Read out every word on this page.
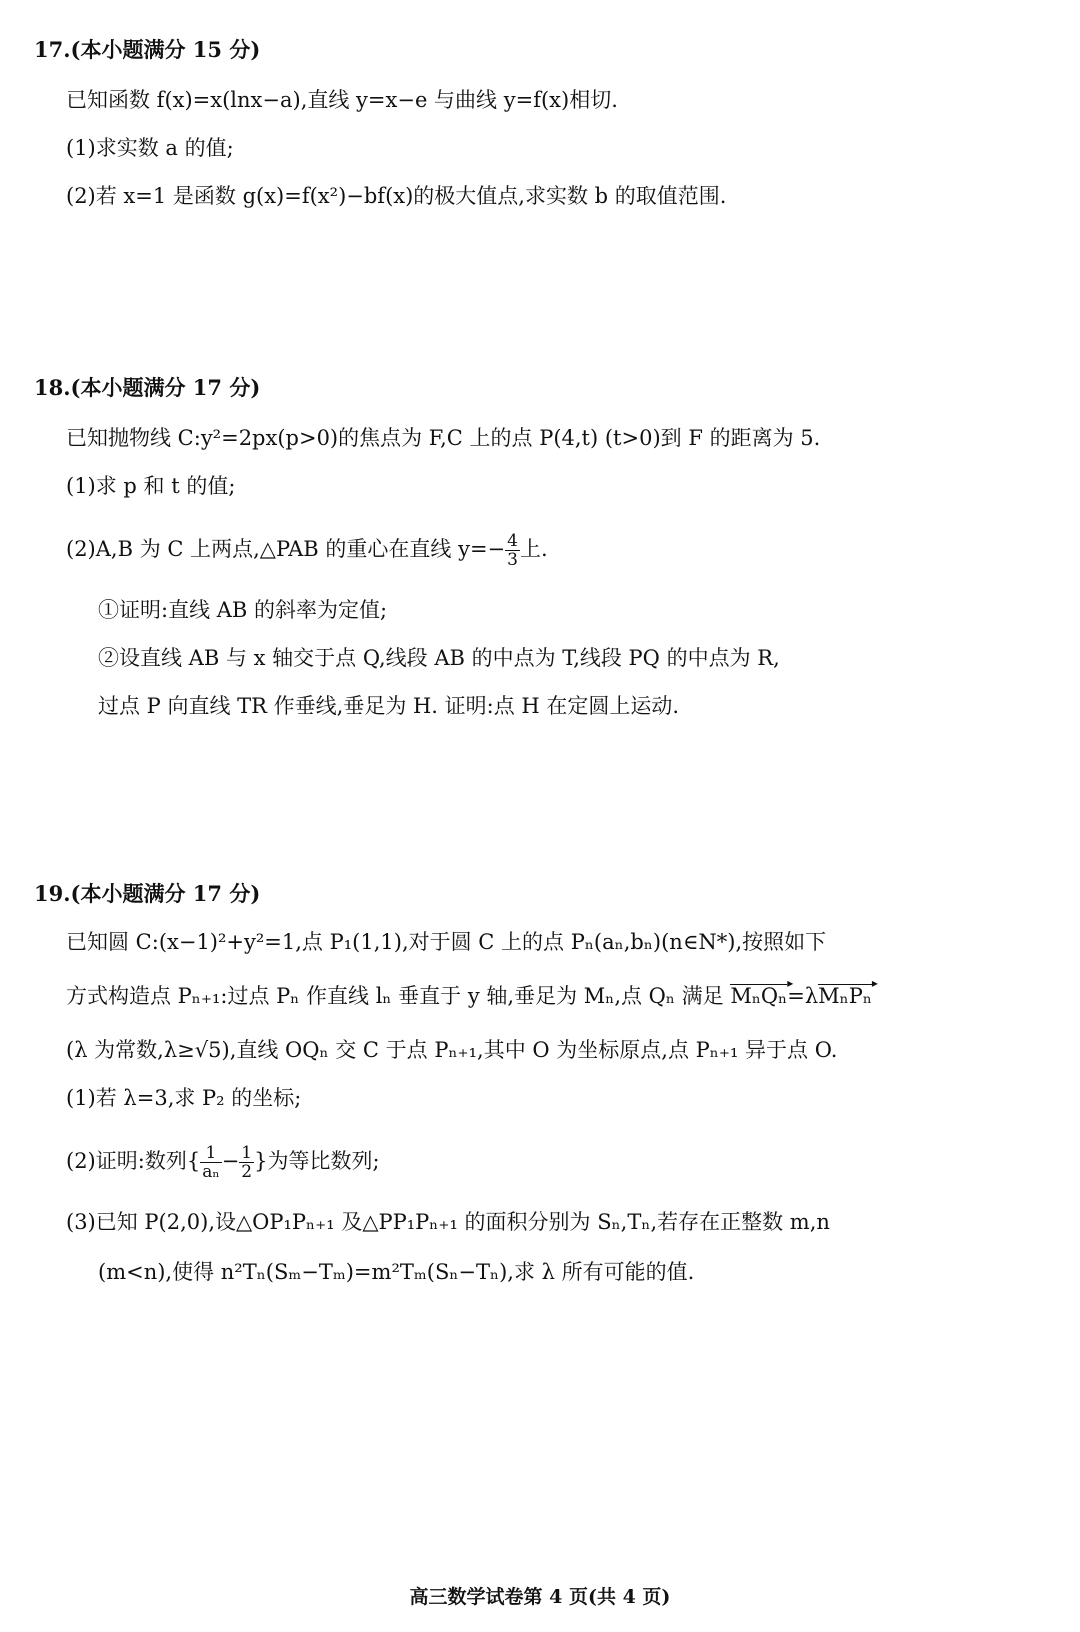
17.(本小题满分 15 分)
已知函数 f(x)=x(lnx−a),直线 y=x−e 与曲线 y=f(x)相切.
(1)求实数 a 的值;
(2)若 x=1 是函数 g(x)=f(x²)−bf(x)的极大值点,求实数 b 的取值范围.
18.(本小题满分 17 分)
已知抛物线 C:y²=2px(p>0)的焦点为 F,C 上的点 P(4,t) (t>0)到 F 的距离为 5.
(1)求 p 和 t 的值;
(2)A,B 为 C 上两点,△PAB 的重心在直线 $y=- \frac{4}{3}$ 上.
①证明:直线 AB 的斜率为定值;
②设直线 AB 与 x 轴交于点 Q,线段 AB 的中点为 T,线段 PQ 的中点为 R,
过点 P 向直线 TR 作垂线,垂足为 H. 证明:点 H 在定圆上运动.
19.(本小题满分 17 分)
已知圆 C:(x−1)²+y²=1,点 P₁(1,1),对于圆 C 上的点 Pₙ(aₙ,bₙ)(n∈N*),按照如下
方式构造点 Pₙ₊₁:过点 Pₙ 作直线 lₙ 垂直于 y 轴,垂足为 Mₙ,点 Qₙ 满足 MₙQₙ ▸=λMₙPₙ ▸
(λ 为常数,λ≥√5),直线 OQₙ 交 C 于点 Pₙ₊₁,其中 O 为坐标原点,点 Pₙ₊₁ 异于点 O.
(1)若 λ=3,求 P₂ 的坐标;
(2)证明:数列{ $\frac{1}{\text{aₙ}} - \frac{1}{2}$ }为等比数列;
(3)已知 P(2,0),设△OP₁Pₙ₊₁ 及△PP₁Pₙ₊₁ 的面积分别为 Sₙ,Tₙ,若存在正整数 m,n
(m<n),使得 n²Tₙ(Sₘ−Tₘ)=m²Tₘ(Sₙ−Tₙ),求 λ 所有可能的值.
高三数学试卷第 4 页(共 4 页)
